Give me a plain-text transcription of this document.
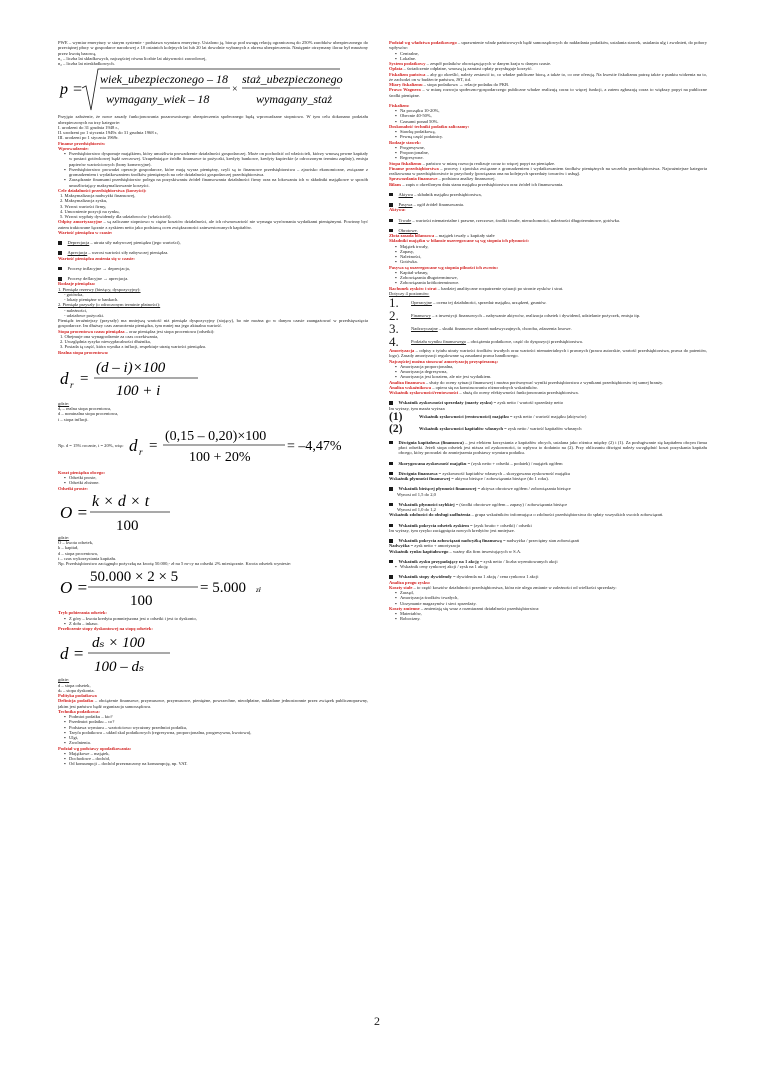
PWE – wymiar emerytury w starym systemie - podstawa wymiaru emerytury. Ustalono ją, biorąc pod uwagę relację ograniczoną do 250% zarobków ubezpieczonego do przeciętnej płacy w gospodarce narodowej z 10 ostatnich kolejnych lat lub 20 lat dowolnie wybranych z okresu ubezpieczenia. Następnie otrzymany iloraz był mnożony przez kwotę bazową,

n₁ – liczba lat składkowych, najczęściej równa liczbie lat aktywności zawodowej,

n₂ – liczba lat nieskładkowych.

p =
wiek_ubezpieczonego – 18
wymagany_wiek – 18
×
staż_ubezpieczonego
wymagany_staż

Przyjęto założenie, że nowe zasady funkcjonowania pozarowniczego ubezpieczenia społecznego będą wprowadzane stopniowo. W tym celu dokonano podziału ubezpieczonych na trzy kategorie:

I. urodzeni do 31 grudnia 1948 r.,
II. urodzeni po 1 stycznia 1949r. do 31 grudnia 1968 r.,
III. urodzeni po 1 stycznia 1969r.

Finanse przedsiębiorstw

Wprowadzenie:

▪ Przedsiębiorstwo dysponuje majątkiem, który umożliwia prowadzenie działalności gospodarczej. Może on pochodzić od właścicieli, którzy wnoszą pewne kapitały w postaci gotówkowej bądź rzeczowej. Uzupełniające źródło finansowe to pożyczki, kredyty bankowe, kredyty kupieckie (z odroczonym terminu zapłaty), emisja papierów wartościowych (bony komercyjne).
▪ Przedsiębiorstwo prowadzi operacje gospodarcze, które mają wyraz pieniężny, czyli są to finansowe przedsiębiorstwa – zjawisko ekonomiczne, związane z gromadzeniem i wydatkowaniem środków pieniężnych na cele działalności gospodarczej przedsiębiorstwa.
▪ Zarządzanie finansami przedsiębiorstw polega na pozyskiwaniu źródeł finansowania działalności firmy oraz na lokowaniu ich w składniki majątkowe w sposób umożliwiający maksymalizowanie korzyści.

Cele działalności przedsiębiorstwa (korzyści):

1. Maksymalizacja nadwyżki finansowej,
2. Maksymalizacja zysku,
3. Wzrost wartości firmy,
4. Umocnienie pozycji na rynku,
5. Wzrost wypłaty dywidendy dla udziałowców (właścicieli).

Odpisy amortyzacyjne – są zaliczane stopniowo w ciężar kosztów działalności, ale ich równowartość nie wymaga wyrównania wydatkami pieniężnymi. Powinny być zatem traktowane łącznie z zyskiem netto jako podstawą ocen zwiększoności zainwestowanych kapitałów.

Wartość pieniądza w czasie:

Deprecjacja – utrata siły nabywczej pieniądza (jego wartości),
Aprecjacja – wzrost wartości siły nabywczej pieniądza.

Wartość pieniądza zmienia się w czasie:

Procesy inflacyjne → deprecjacja,
Procesy deflacyjne → aprecjacja.

Rodzaje pieniądza:

1. Pieniądz rezerwy (bieżący, dyspozycyjny):

- gotówka,
- lokaty pieniężne w bankach.

2. Pieniądz przyszły (o odroczonym terminie płatności):

- należności,
- udziałowe pożyczki.

Pieniądz teraźniejszy (przyszły) ma mniejszą wartość niż pieniądz dyspozycyjny (stojący), bo nie można go w danym czasie zaangażować w przedsięwzięcia gospodarcze. Im dłuższy czas zamrożenia pieniądza, tym mniej ma jego aktualna wartość.

Stopa procentowa czasu pieniądza – oraz pieniądza jest stopa procentowa (odsetki):

1. Obejmuje ona wynagrodzenie za czas oczekiwania,
2. Uwzględnia ryzyko niewypłacalności dłużnika,
3. Posiada tą część, która wynika z inflacji, respektuje utratę wartości pieniądza.

Realna stopa procentowa:

d r =
(d – i)×100
100 + i

gdzie:

dᵣ – realna stopa procentowa,
d – nominalna stopa procentowa,
i – stopa inflacji.
Np. d = 15% rocznie, i = 20%, więc d r =
(0,15 – 0,20)×100
100 + 20%
= –4,47%

Koszt pieniądza obcego:

▪ Odsetki proste,
▪ Odsetki złożone.

Odsetki proste:

O =
k × d × t
100

gdzie:

O – kwota odsetek,
k – kapitał,
d – stopa procentowa,
t – czas wykorzystania kapitału.

Np. Przedsiębiorstwo zaciągnęło pożyczkę na kwotę 50.000,- zł na 5 m-cy na odsetki 2% miesięcznie. Kwota odsetek wyniesie:

O =
50.000 × 2 × 5
100
= 5.000 zł

Tryb pobierania odsetek:

▪ Z góry – kwota kredytu pomniejszona jest o odsetki i jest to dyskonto,
▪ Z dołu – inkaso.

Przeliczenie stopy dyskontowej na stopę odsetek:

d =
dₛ × 100
100 – dₛ

gdzie:

d – stopa odsetek,
dₛ – stopa dyskonta.

Polityka podatkowa

Definicja podatku – obciążenie finansowe, przymusowe, przymusowe, pieniężne, powszechne, nieodpłatne, nakładane jednostronnie przez związek publicznoprawny, jakim jest państwo bądź organizacja samorządowa.

Technika podatkowa:

▪ Podmiot podatku – kto?
▪ Przedmiot podatku – co?
▪ Podstawa wymiaru – wartościowo wyrażony przedmiot podatku,
▪ Taryfa podatkowa – układ skal podatkowych (regresywna, proporcjonalna, progresywna, kwotowa),
▪ Ulgi,
▪ Zwolnienia.

Podział wg podstawy opodatkowania:

▪ Majątkowe – majątek,
▪ Dochodowe – dochód,
▪ Od konsumpcji – dochód przeznaczony na konsumpcję, np. VAT.

Podział wg władztwa podatkowego – uprawnienie władz państwowych bądź samorządowych do nakładania podatków, ustalania stawek, ustalania ulg i zwolnień, do pobory wpływów:

▪ Centralne,
▪ Lokalne.

System podatkowy – zespół podatków obowiązujących w danym kraju w danym czasie.

Opłata – świadczenie odpłatne, wnoszą ją zamiast opłaty przysługuje korzyść.

Fiskalizm państwa – aby go określić, należy zestawić to, co władze publiczne biorą, a także to, co one oferują. Na kwestie fiskalizmu patrzę także z punktu widzenia na to, że zachodzi on w budżecie państwa, JST, itd.

Miary fiskalizmu – stopa podatkowa → relacje podatku do PKB.

Prawo Wagnera – w miarę rozwoju społeczno-gospodarczego publiczne władze realizują coraz to więcej funkcji, a zatem zgłaszają coraz to większy popyt na publiczne środki pieniężne.

Fiskalizm:

▪ Na początku 10-20%,
▪ Obecnie 40-50%,
▪ Czasami ponad 50%.

Doskonałość techniki podatku zaliczamy:

▪ Stawkę podatkową,
▪ Pewną część podatnicy.

Rodzaje stawek:

▪ Progresywne,
▪ Proporcjonalne,
▪ Regresywne.

Stopa fiskalizmu – państwo w miarę rozwoju realizuje coraz to więcej popyt na pieniądze.

Finanse przedsiębiorstwa – procesy i zjawiska związane z gromadzeniem i wydatkowaniem środków pieniężnych na szczeblu przedsiębiorstwa. Najważniejsze kategoria realizowana w przedsiębiorstwie to przychody (powiązana ona na kolejnych sprzedaży towarów i usług).

Sprawozdania finansowe – podstawa analizy finansowej.

Bilans – zapis o określonym dniu stanu majątku przedsiębiorstwa oraz źródeł ich finansowania.

Aktywa – składnik majątku przedsiębiorstwa,
Pasywa – ogół źródeł finansowania.

Aktywa:

Trwałe – wartości niematerialne i prawne, rzeczowe, środki trwałe, nieruchomości, należności długoterminowe, gotówka.
Obrotowe.

Złota zasada bilansowa – majątek trwały » kapitały stałe

Składniki majątku w bilansie uszeregowane są wg stopnia ich płynności:

▪ Majątek trwały,
▪ Zapasy,
▪ Należności,
▪ Gotówka.

Pasywa są uszeregowane wg stopnia pilności ich zwrotu:

▪ Kapitał własny,
▪ Zobowiązania długoterminowe,
▪ Zobowiązania krótkoterminowe.

Rachunek zysków i strat – bardziej analityczne rozpatrzenie sytuacji po stronie zysków i strat.

Dotyczy 4 poziomów:

1.	Operacyjne – ocena tej działalności, sprzedaż majątku, urządzeń, gruntów.
2.	Finansowy – z inwestycji finansowych – nabywanie aktywów, realizacja odsetek i dywidend, udzielanie pożyczek, emisja itp.
3.	Nadzwyczajne – skutki finansowe zdarzeń nadzwyczajnych, choroba, zdarzenia losowe.
4.	Podziału wyniku finansowego – obciążenia podatkowe, część do dyspozycji przedsiębiorstwa.

Amortyzacja – odpisy z tytułu utraty wartości środków trwałych oraz wartości niematerialnych i prawnych (prawa autorskie, wartość przedsiębiorstwa, prawa do patentów, logo). Zasady amortyzacji regulowane są zasadami prawa handlowego.

Najczęściej można stosować amortyzację przyspieszoną:

▪ Amortyzacja proporcjonalna,
▪ Amortyzacja degresywna,
▪ Amortyzacja jest kosztem, ale nie jest wydatkiem.

Analiza finansowa – służy do oceny sytuacji finansowej i można porównywać wyniki przedsiębiorstwa z wynikami przedsiębiorstw tej samej branży.

Analiza wskaźnikowa – opiera się na konstruowaniu różnorodnych wskaźników.

Wskaźnik zyskowności/rentowności – służą do oceny efektywności funkcjonowania przedsiębiorstwa.

Wskaźnik zyskowności sprzedaży (marży zysku) = zysk netto / wartość sprzedaży netto

Im wyższy, tym marża wyższa

(1)	Wskaźnik zyskowności (rentowności) majątku = zysk netto / wartość majątku (aktywów)
(2)	Wskaźnik zyskowności kapitałów własnych = zysk netto / wartość kapitałów własnych
Dźwignia kapitałowa (finansowa) – jest efektem korzystania z kapitałów obcych, ustalana jako różnica między (2) i (1). Za posługiwanie się kapitałem obcym firma płaci odsetki. Jeżeli stopa odsetek jest niższa od zyskowności, to wpływa to dodatnio na (2). Przy obliczaniu dźwigni należy uwzględnić koszt pozyskania kapitału obcego, który prowadzi do zmniejszenia podstawy wymiaru podatku.
Skorygowana zyskowność majątku = (zysk netto + odsetki – podatek) / majątek ogółem
Dźwignia finansowa = zyskowność kapitałów własnych – skorygowana zyskowność majątku

Wskaźnik płynności finansowej = aktywa bieżące / zobowiązania bieżące (do 1 roku).

Wskaźnik bieżącej płynności finansowej = aktywa obrotowe ogółem / zobowiązania bieżące

Wynosi od 1,5 do 2,0

Wskaźnik płynności szybkiej = (środki obrotowe ogółem – zapasy) / zobowiązania bieżące

Wynosi od 1,0 do 1,2

Wskaźnik zdolności do obsługi zadłużenia – grupa wskaźników informująca o zdolności przedsiębiorstwa do spłaty wszystkich swoich zobowiązań.

Wskaźnik pokrycia odsetek zyskiem = (zysk brutto + odsetki) / odsetki

Im wyższy, tym ryzyko zaciągnięcia nowych kredytów jest mniejsze.

Wskaźnik pokrycia zobowiązań nadwyżką finansową = nadwyżka / przeciętny stan zobowiązań

Nadwyżka = zysk netto + amortyzacja

Wskaźnik rynku kapitałowego – ważny dla firm inwestujących w S.A.

Wskaźnik zysku przypadający na 1 akcję = zysk netto / liczba wyemitowanych akcji
▪ Wskaźnik ceny rynkowej akcji / zysk na 1 akcję
Wskaźnik stopy dywidendy = dywidenda na 1 akcję / cena rynkowa 1 akcji

Analiza progu zysku:

Koszty stałe – to część kosztów działalności przedsiębiorstwa, która nie ulega zmianie w zależności od wielkości sprzedaży:

▪ Zarząd,
▪ Amortyzacja środków trwałych,
▪ Utrzymanie magazynów i sieci sprzedaży.

Koszty zmienne – zmieniają się wraz z rozmiarami działalności przedsiębiorstwa:

▪ Materiałów,
▪ Robocizny.
2
